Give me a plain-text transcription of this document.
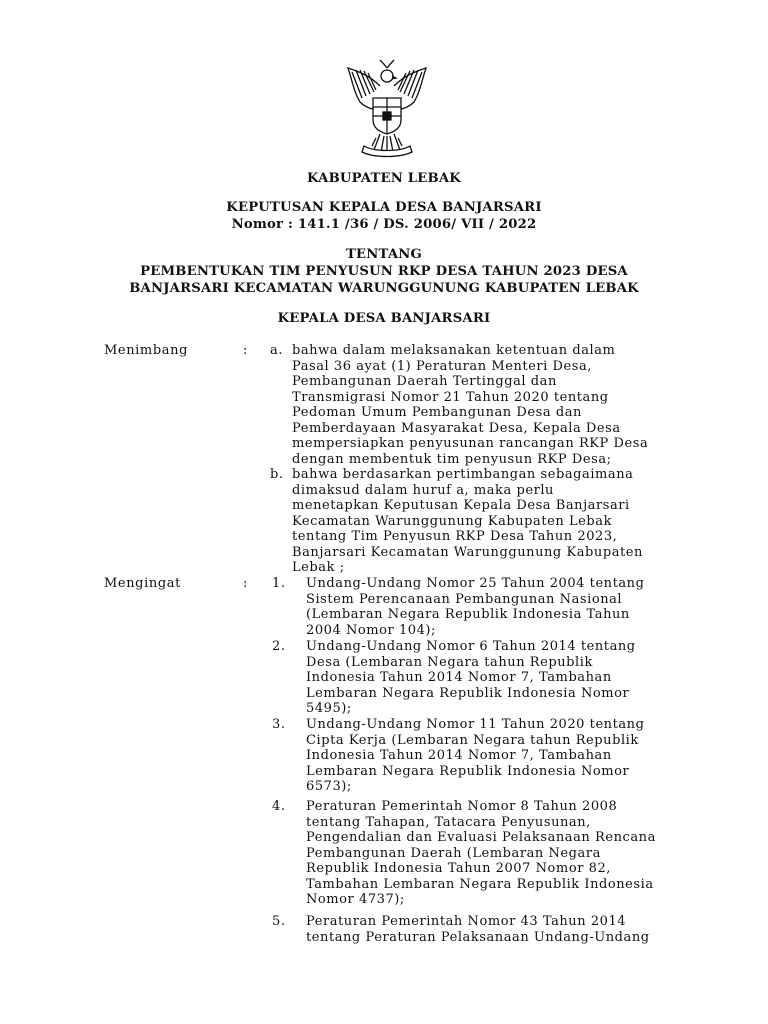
KABUPATEN LEBAK
KEPUTUSAN KEPALA DESA BANJARSARI
Nomor : 141.1 /36 / DS. 2006/ VII / 2022
TENTANG
PEMBENTUKAN TIM PENYUSUN RKP DESA TAHUN 2023 DESA
BANJARSARI KECAMATAN WARUNGGUNUNG KABUPATEN LEBAK
KEPALA DESA BANJARSARI
Menimbang	: a. bahwa dalam melaksanakan ketentuan dalam
Pasal 36 ayat (1) Peraturan Menteri Desa,
Pembangunan Daerah Tertinggal dan
Transmigrasi Nomor 21 Tahun 2020 tentang
Pedoman Umum Pembangunan Desa dan
Pemberdayaan Masyarakat Desa, Kepala Desa
mempersiapkan penyusunan rancangan RKP Desa
dengan membentuk tim penyusun RKP Desa;
b. bahwa berdasarkan pertimbangan sebagaimana
dimaksud dalam huruf a, maka perlu
menetapkan Keputusan Kepala Desa Banjarsari
Kecamatan Warunggunung Kabupaten Lebak
tentang Tim Penyusun RKP Desa Tahun 2023,
Banjarsari Kecamatan Warunggunung Kabupaten
Lebak ;
Mengingat	: 1. Undang-Undang Nomor 25 Tahun 2004 tentang
Sistem Perencanaan Pembangunan Nasional
(Lembaran Negara Republik Indonesia Tahun
2004 Nomor 104);
2. Undang-Undang Nomor 6 Tahun 2014 tentang
Desa (Lembaran Negara tahun Republik
Indonesia Tahun 2014 Nomor 7, Tambahan
Lembaran Negara Republik Indonesia Nomor
5495);
3. Undang-Undang Nomor 11 Tahun 2020 tentang
Cipta Kerja (Lembaran Negara tahun Republik
Indonesia Tahun 2014 Nomor 7, Tambahan
Lembaran Negara Republik Indonesia Nomor
6573);
4. Peraturan Pemerintah Nomor 8 Tahun 2008
tentang Tahapan, Tatacara Penyusunan,
Pengendalian dan Evaluasi Pelaksanaan Rencana
Pembangunan Daerah (Lembaran Negara
Republik Indonesia Tahun 2007 Nomor 82,
Tambahan Lembaran Negara Republik Indonesia
Nomor 4737);
5. Peraturan Pemerintah Nomor 43 Tahun 2014
tentang Peraturan Pelaksanaan Undang-Undang
